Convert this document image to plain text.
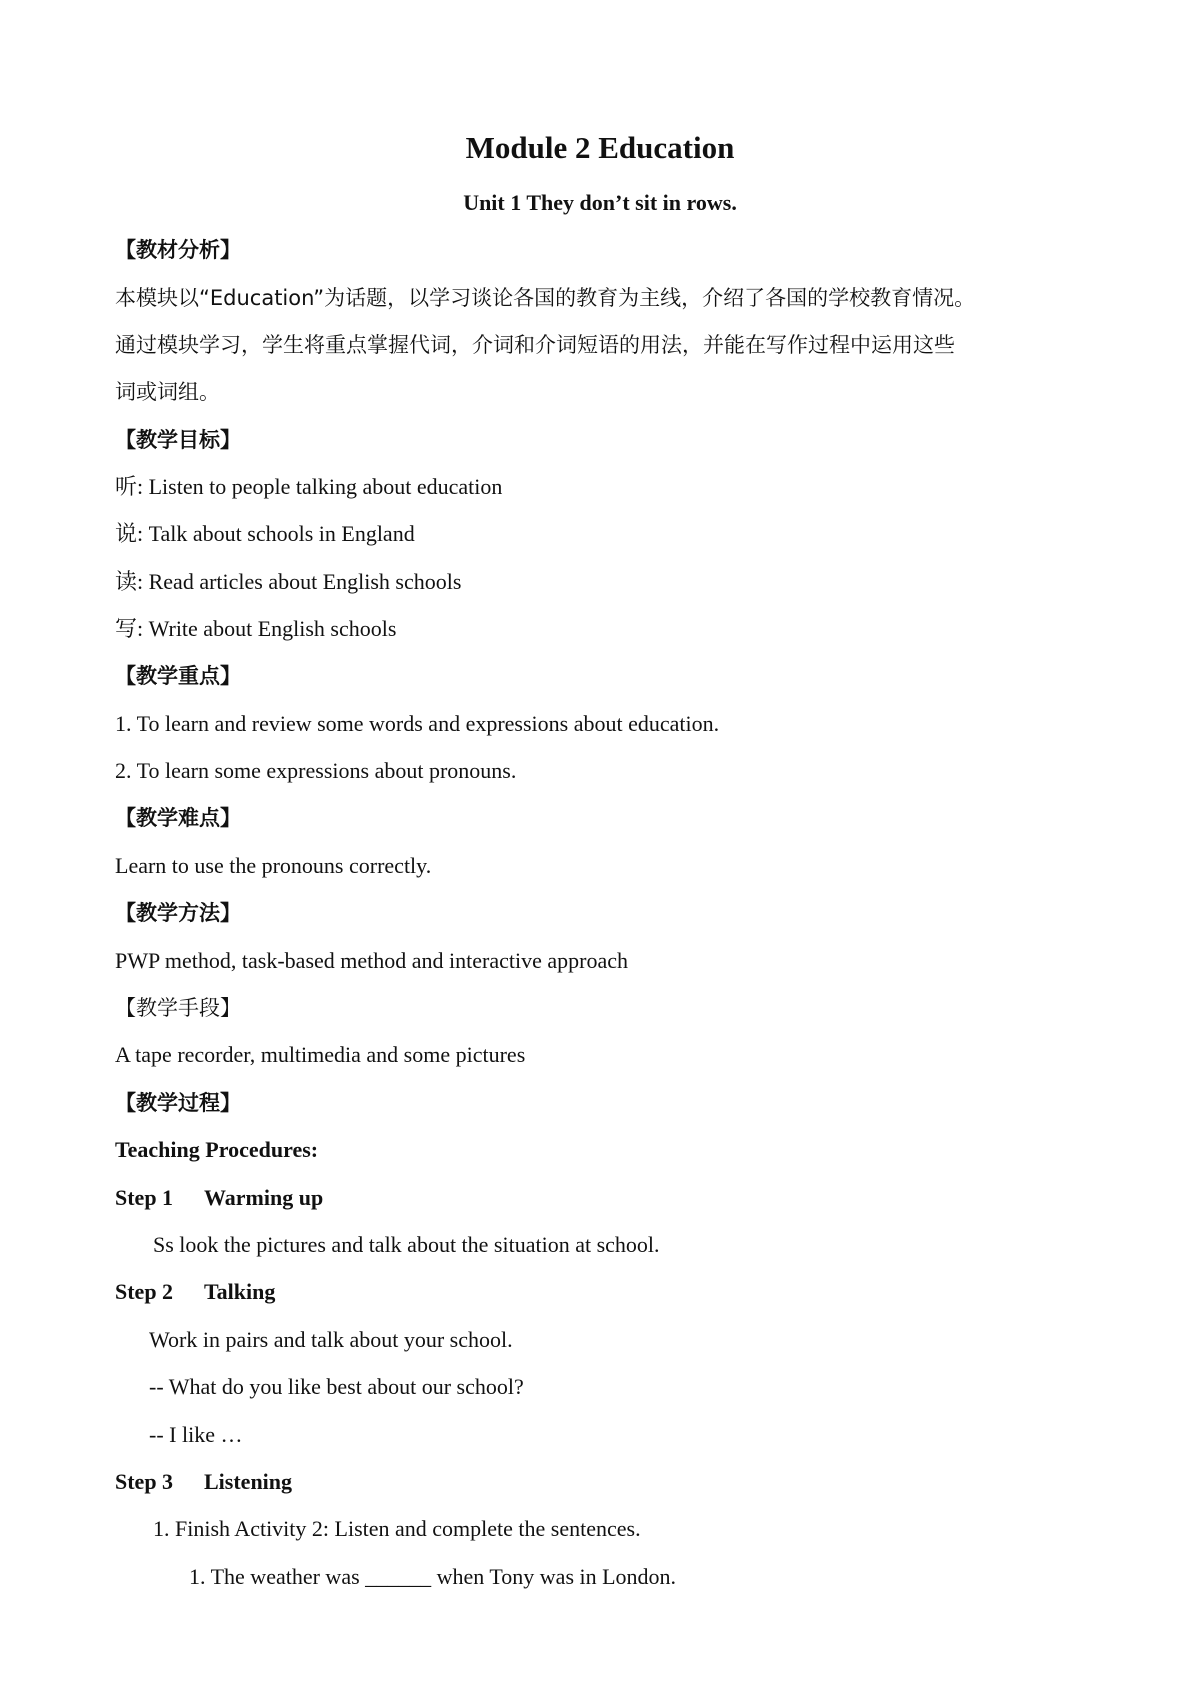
Module 2 Education
Unit 1 They don’t sit in rows.
【教材分析】
本模块以“Education”为话题，以学习谈论各国的教育为主线，介绍了各国的学校教育情况。
通过模块学习，学生将重点掌握代词，介词和介词短语的用法，并能在写作过程中运用这些
词或词组。
【教学目标】
听: Listen to people talking about education
说: Talk about schools in England
读: Read articles about English schools
写: Write about English schools
【教学重点】
1. To learn and review some words and expressions about education.
2. To learn some expressions about pronouns.
【教学难点】
Learn to use the pronouns correctly.
【教学方法】
PWP method, task-based method and interactive approach
【教学手段】
A tape recorder, multimedia and some pictures
【教学过程】
Teaching Procedures:
Step 1 Warming up
Ss look the pictures and talk about the situation at school.
Step 2 Talking
Work in pairs and talk about your school.
-- What do you like best about our school?
-- I like …
Step 3 Listening
1. Finish Activity 2: Listen and complete the sentences.
1. The weather was ______ when Tony was in London.
